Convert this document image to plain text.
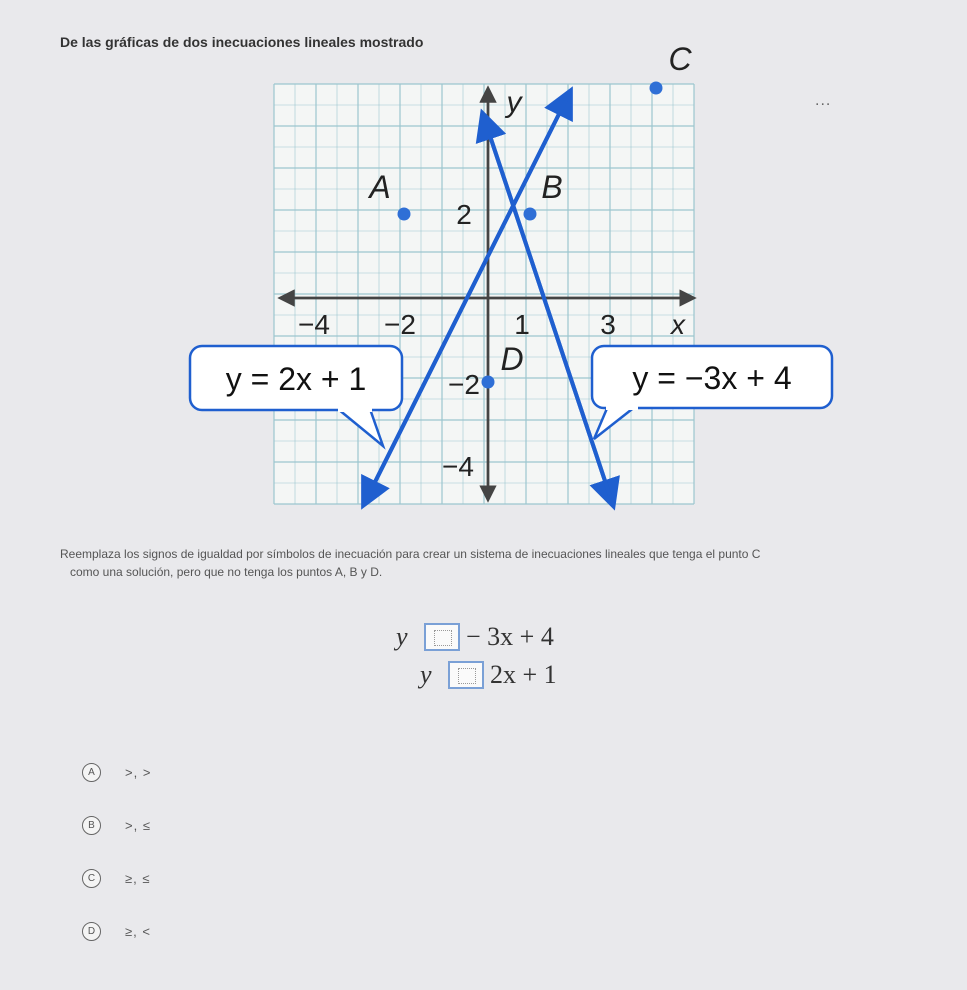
De las gráficas de dos inecuaciones lineales mostrado
...
y
x
−4 −2	1	3
2
−2
−4
A	B
C
D
y = 2x + 1	y = −3x + 4
Reemplaza los signos de igualdad por símbolos de inecuación para crear un sistema de inecuaciones lineales que tenga el punto C

como una solución, pero que no tenga los puntos A, B y D.
y	− 3x + 4
y	2x + 1
A	>, >
B	>, ≤
C	≥, ≤
D	≥, <
